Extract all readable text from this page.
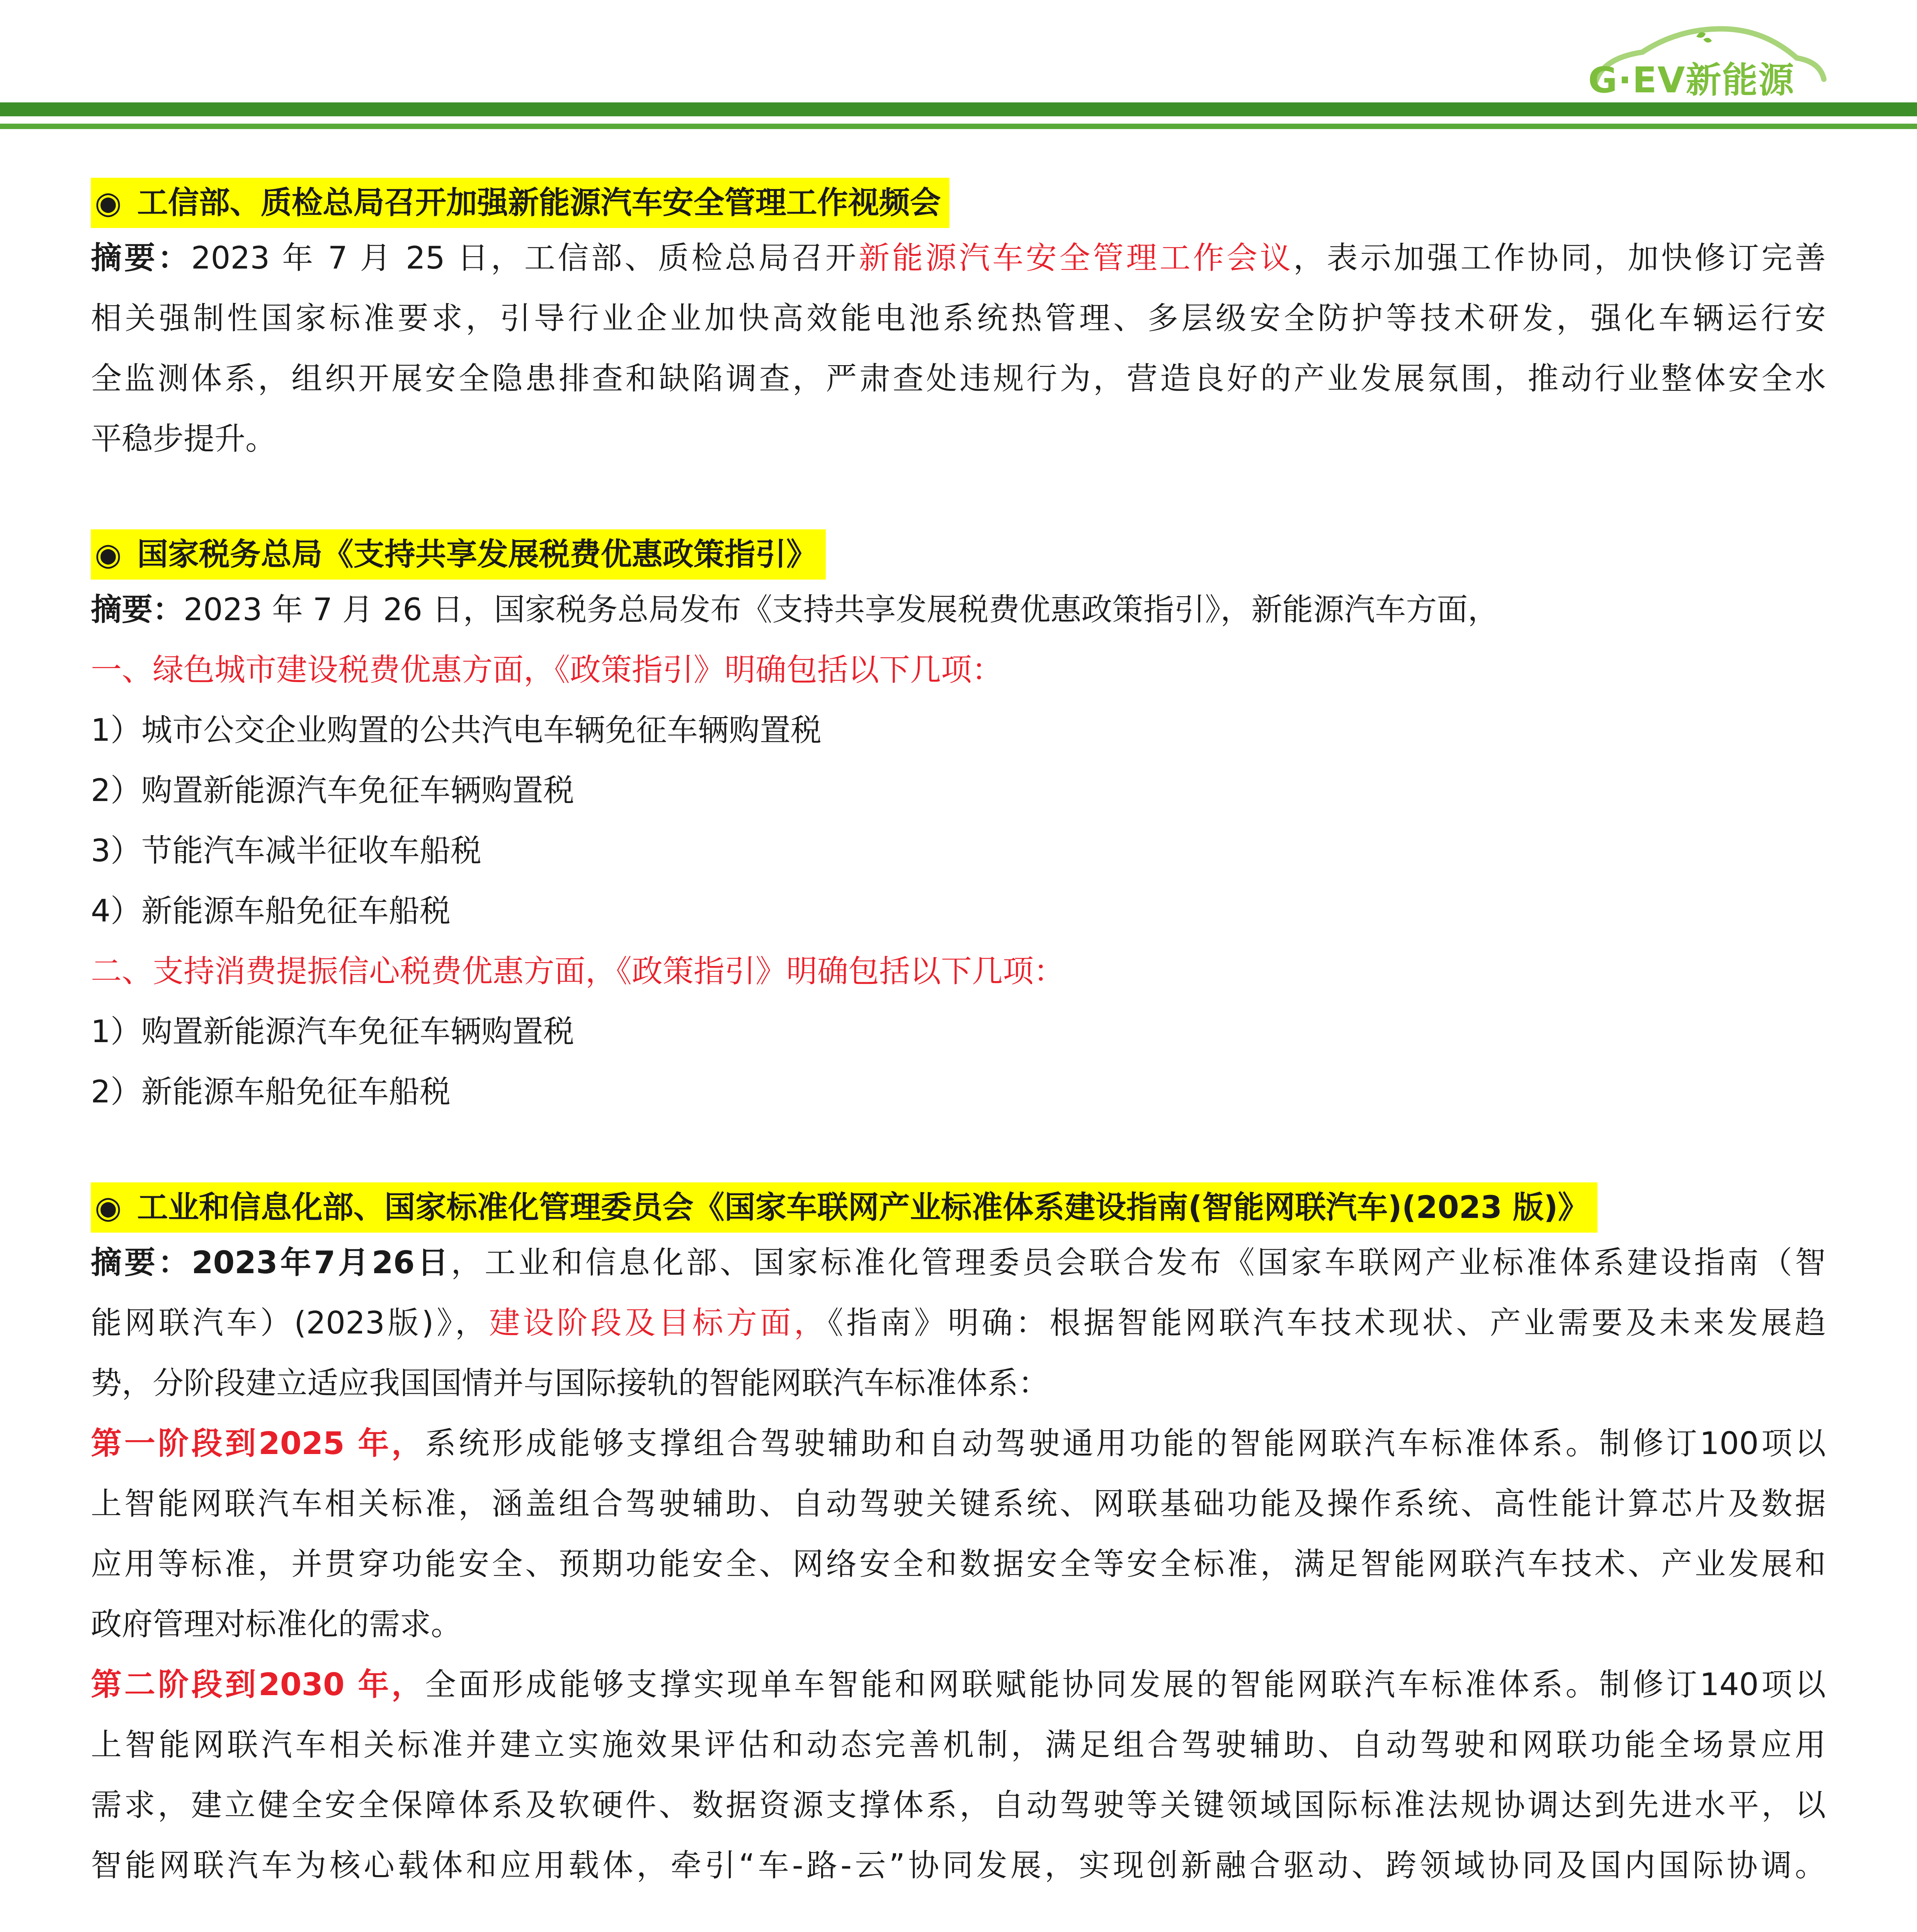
G·EV新能源
◉ 工信部、质检总局召开加强新能源汽车安全管理工作视频会

摘要：2023 年 7 月 25 日，工信部、质检总局召开新能源汽车安全管理工作会议，表示加强工作协同，加快修订完善

相关强制性国家标准要求，引导行业企业加快高效能电池系统热管理、多层级安全防护等技术研发，强化车辆运行安

全监测体系，组织开展安全隐患排查和缺陷调查，严肃查处违规行为，营造良好的产业发展氛围，推动行业整体安全水

平稳步提升。

◉ 国家税务总局《支持共享发展税费优惠政策指引》

摘要：2023 年 7 月 26 日，国家税务总局发布《支持共享发展税费优惠政策指引》，新能源汽车方面，

一、绿色城市建设税费优惠方面，《政策指引》明确包括以下几项：

1）城市公交企业购置的公共汽电车辆免征车辆购置税

2）购置新能源汽车免征车辆购置税

3）节能汽车减半征收车船税

4）新能源车船免征车船税

二、支持消费提振信心税费优惠方面，《政策指引》明确包括以下几项：

1）购置新能源汽车免征车辆购置税

2）新能源车船免征车船税

◉ 工业和信息化部、国家标准化管理委员会《国家车联网产业标准体系建设指南(智能网联汽车)(2023 版)》

摘要：2023年7月26日，工业和信息化部、国家标准化管理委员会联合发布《国家车联网产业标准体系建设指南（智

能网联汽车）(2023版)》，建设阶段及目标方面，《指南》明确：根据智能网联汽车技术现状、产业需要及未来发展趋

势，分阶段建立适应我国国情并与国际接轨的智能网联汽车标准体系：

第一阶段到2025 年，系统形成能够支撑组合驾驶辅助和自动驾驶通用功能的智能网联汽车标准体系。制修订100项以

上智能网联汽车相关标准，涵盖组合驾驶辅助、自动驾驶关键系统、网联基础功能及操作系统、高性能计算芯片及数据

应用等标准，并贯穿功能安全、预期功能安全、网络安全和数据安全等安全标准，满足智能网联汽车技术、产业发展和

政府管理对标准化的需求。

第二阶段到2030 年，全面形成能够支撑实现单车智能和网联赋能协同发展的智能网联汽车标准体系。制修订140项以

上智能网联汽车相关标准并建立实施效果评估和动态完善机制，满足组合驾驶辅助、自动驾驶和网联功能全场景应用

需求，建立健全安全保障体系及软硬件、数据资源支撑体系，自动驾驶等关键领域国际标准法规协调达到先进水平，以

智能网联汽车为核心载体和应用载体，牵引“车-路-云”协同发展，实现创新融合驱动、跨领域协同及国内国际协调。
